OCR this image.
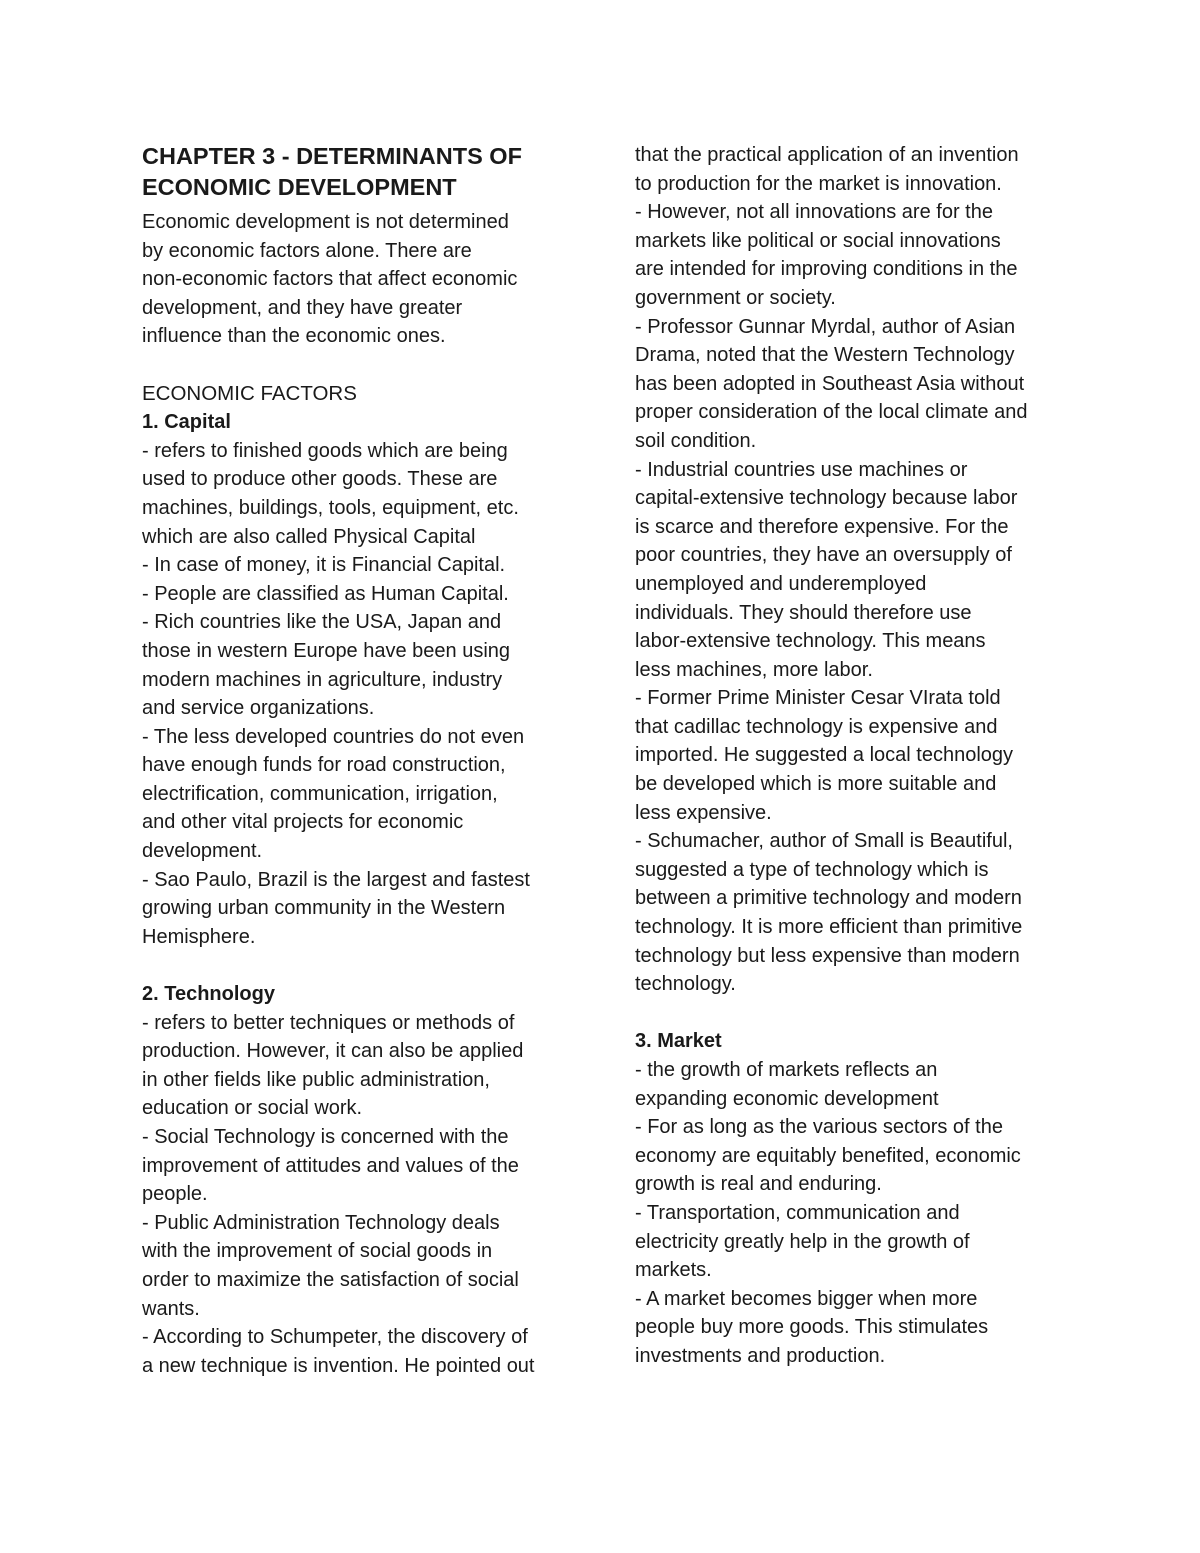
CHAPTER 3 - DETERMINANTS OF
ECONOMIC DEVELOPMENT
Economic development is not determined
by economic factors alone. There are
non-economic factors that affect economic
development, and they have greater
influence than the economic ones.
ECONOMIC FACTORS
1. Capital
- refers to finished goods which are being
used to produce other goods. These are
machines, buildings, tools, equipment, etc.
which are also called Physical Capital
- In case of money, it is Financial Capital.
- People are classified as Human Capital.
- Rich countries like the USA, Japan and
those in western Europe have been using
modern machines in agriculture, industry
and service organizations.
- The less developed countries do not even
have enough funds for road construction,
electrification, communication, irrigation,
and other vital projects for economic
development.
- Sao Paulo, Brazil is the largest and fastest
growing urban community in the Western
Hemisphere.
2. Technology
- refers to better techniques or methods of
production. However, it can also be applied
in other fields like public administration,
education or social work.
- Social Technology is concerned with the
improvement of attitudes and values of the
people.
- Public Administration Technology deals
with the improvement of social goods in
order to maximize the satisfaction of social
wants.
- According to Schumpeter, the discovery of
a new technique is invention. He pointed out
that the practical application of an invention
to production for the market is innovation.
- However, not all innovations are for the
markets like political or social innovations
are intended for improving conditions in the
government or society.
- Professor Gunnar Myrdal, author of Asian
Drama, noted that the Western Technology
has been adopted in Southeast Asia without
proper consideration of the local climate and
soil condition.
- Industrial countries use machines or
capital-extensive technology because labor
is scarce and therefore expensive. For the
poor countries, they have an oversupply of
unemployed and underemployed
individuals. They should therefore use
labor-extensive technology. This means
less machines, more labor.
- Former Prime Minister Cesar VIrata told
that cadillac technology is expensive and
imported. He suggested a local technology
be developed which is more suitable and
less expensive.
- Schumacher, author of Small is Beautiful,
suggested a type of technology which is
between a primitive technology and modern
technology. It is more efficient than primitive
technology but less expensive than modern
technology.
3. Market
- the growth of markets reflects an
expanding economic development
- For as long as the various sectors of the
economy are equitably benefited, economic
growth is real and enduring.
- Transportation, communication and
electricity greatly help in the growth of
markets.
- A market becomes bigger when more
people buy more goods. This stimulates
investments and production.
